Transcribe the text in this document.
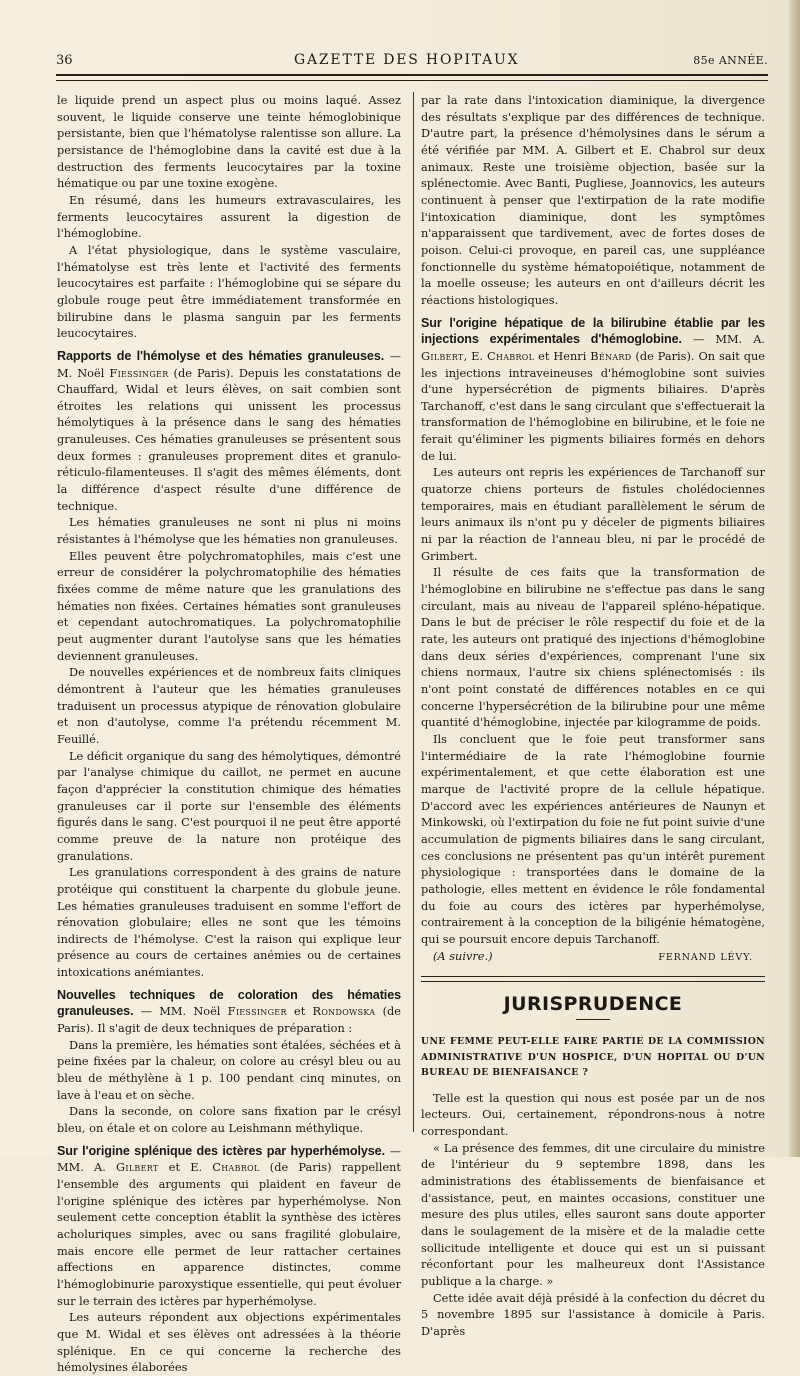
36	GAZETTE DES HOPITAUX	85e ANNÉE.

le liquide prend un aspect plus ou moins laqué. Assez souvent, le liquide conserve une teinte hémoglobinique persistante, bien que l'hématolyse ralentisse son allure. La persistance de l'hémoglobine dans la cavité est due à la destruction des ferments leucocytaires par la toxine hématique ou par une toxine exogène.

En résumé, dans les humeurs extravasculaires, les ferments leucocytaires assurent la digestion de l'hémoglobine.

A l'état physiologique, dans le système vasculaire, l'hématolyse est très lente et l'activité des ferments leucocytaires est parfaite : l'hémoglobine qui se sépare du globule rouge peut être immédiatement transformée en bilirubine dans le plasma sanguin par les ferments leucocytaires.

Rapports de l'hémolyse et des hématies granuleuses. — M. Noël Fiessinger (de Paris). Depuis les constatations de Chauffard, Widal et leurs élèves, on sait combien sont étroites les relations qui unissent les processus hémolytiques à la présence dans le sang des hématies granuleuses. Ces hématies granuleuses se présentent sous deux formes : granuleuses proprement dites et granulo-réticulo-filamenteuses. Il s'agit des mêmes éléments, dont la différence d'aspect résulte d'une différence de technique.

Les hématies granuleuses ne sont ni plus ni moins résistantes à l'hémolyse que les hématies non granuleuses.

Elles peuvent être polychromatophiles, mais c'est une erreur de considérer la polychromatophilie des hématies fixées comme de même nature que les granulations des hématies non fixées. Certaines hématies sont granuleuses et cependant autochromatiques. La polychromatophilie peut augmenter durant l'autolyse sans que les hématies deviennent granuleuses.

De nouvelles expériences et de nombreux faits cliniques démontrent à l'auteur que les hématies granuleuses traduisent un processus atypique de rénovation globulaire et non d'autolyse, comme l'a prétendu récemment M. Feuillé.

Le déficit organique du sang des hémolytiques, démontré par l'analyse chimique du caillot, ne permet en aucune façon d'apprécier la constitution chimique des hématies granuleuses car il porte sur l'ensemble des éléments figurés dans le sang. C'est pourquoi il ne peut être apporté comme preuve de la nature non protéique des granulations.

Les granulations correspondent à des grains de nature protéique qui constituent la charpente du globule jeune. Les hématies granuleuses traduisent en somme l'effort de rénovation globulaire; elles ne sont que les témoins indirects de l'hémolyse. C'est la raison qui explique leur présence au cours de certaines anémies ou de certaines intoxications anémiantes.

Nouvelles techniques de coloration des hématies granuleuses. — MM. Noël Fiessinger et Rondowska (de Paris). Il s'agit de deux techniques de préparation :

Dans la première, les hématies sont étalées, séchées et à peine fixées par la chaleur, on colore au crésyl bleu ou au bleu de méthylène à 1 p. 100 pendant cinq minutes, on lave à l'eau et on sèche.

Dans la seconde, on colore sans fixation par le crésyl bleu, on étale et on colore au Leishmann méthylique.

Sur l'origine splénique des ictères par hyperhémolyse. — MM. A. Gilbert et E. Chabrol (de Paris) rappellent l'ensemble des arguments qui plaident en faveur de l'origine splénique des ictères par hyperhémolyse. Non seulement cette conception établit la synthèse des ictères acholuriques simples, avec ou sans fragilité globulaire, mais encore elle permet de leur rattacher certaines affections en apparence distinctes, comme l'hémoglobinurie paroxystique essentielle, qui peut évoluer sur le terrain des ictères par hyperhémolyse.

Les auteurs répondent aux objections expérimentales que M. Widal et ses élèves ont adressées à la théorie splénique. En ce qui concerne la recherche des hémolysines élaborées

par la rate dans l'intoxication diaminique, la divergence des résultats s'explique par des différences de technique. D'autre part, la présence d'hémolysines dans le sérum a été vérifiée par MM. A. Gilbert et E. Chabrol sur deux animaux. Reste une troisième objection, basée sur la splénectomie. Avec Banti, Pugliese, Joannovics, les auteurs continuent à penser que l'extirpation de la rate modifie l'intoxication diaminique, dont les symptômes n'apparaissent que tardivement, avec de fortes doses de poison. Celui-ci provoque, en pareil cas, une suppléance fonctionnelle du système hématopoiétique, notamment de la moelle osseuse; les auteurs en ont d'ailleurs décrit les réactions histologiques.

Sur l'origine hépatique de la bilirubine établie par les injections expérimentales d'hémoglobine. — MM. A. Gilbert, E. Chabrol et Henri Bénard (de Paris). On sait que les injections intraveineuses d'hémoglobine sont suivies d'une hypersécrétion de pigments biliaires. D'après Tarchanoff, c'est dans le sang circulant que s'effectuerait la transformation de l'hémoglobine en bilirubine, et le foie ne ferait qu'éliminer les pigments biliaires formés en dehors de lui.

Les auteurs ont repris les expériences de Tarchanoff sur quatorze chiens porteurs de fistules cholédociennes temporaires, mais en étudiant parallèlement le sérum de leurs animaux ils n'ont pu y déceler de pigments biliaires ni par la réaction de l'anneau bleu, ni par le procédé de Grimbert.

Il résulte de ces faits que la transformation de l'hémoglobine en bilirubine ne s'effectue pas dans le sang circulant, mais au niveau de l'appareil spléno-hépatique. Dans le but de préciser le rôle respectif du foie et de la rate, les auteurs ont pratiqué des injections d'hémoglobine dans deux séries d'expériences, comprenant l'une six chiens normaux, l'autre six chiens splénectomisés : ils n'ont point constaté de différences notables en ce qui concerne l'hypersécrétion de la bilirubine pour une même quantité d'hémoglobine, injectée par kilogramme de poids.

Ils concluent que le foie peut transformer sans l'intermédiaire de la rate l'hémoglobine fournie expérimentalement, et que cette élaboration est une marque de l'activité propre de la cellule hépatique. D'accord avec les expériences antérieures de Naunyn et Minkowski, où l'extirpation du foie ne fut point suivie d'une accumulation de pigments biliaires dans le sang circulant, ces conclusions ne présentent pas qu'un intérêt purement physiologique : transportées dans le domaine de la pathologie, elles mettent en évidence le rôle fondamental du foie au cours des ictères par hyperhémolyse, contrairement à la conception de la biligénie hématogène, qui se poursuit encore depuis Tarchanoff.

(A suivre.)	FERNAND LÉVY.
JURISPRUDENCE
UNE FEMME PEUT-ELLE FAIRE PARTIE DE LA COMMISSION ADMINISTRATIVE D'UN HOSPICE, D'UN HOPITAL OU D'UN BUREAU DE BIENFAISANCE ?

Telle est la question qui nous est posée par un de nos lecteurs. Oui, certainement, répondrons-nous à notre correspondant.

« La présence des femmes, dit une circulaire du ministre de l'intérieur du 9 septembre 1898, dans les administrations des établissements de bienfaisance et d'assistance, peut, en maintes occasions, constituer une mesure des plus utiles, elles sauront sans doute apporter dans le soulagement de la misère et de la maladie cette sollicitude intelligente et douce qui est un si puissant réconfortant pour les malheureux dont l'Assistance publique a la charge. »

Cette idée avait déjà présidé à la confection du décret du 5 novembre 1895 sur l'assistance à domicile à Paris. D'après
